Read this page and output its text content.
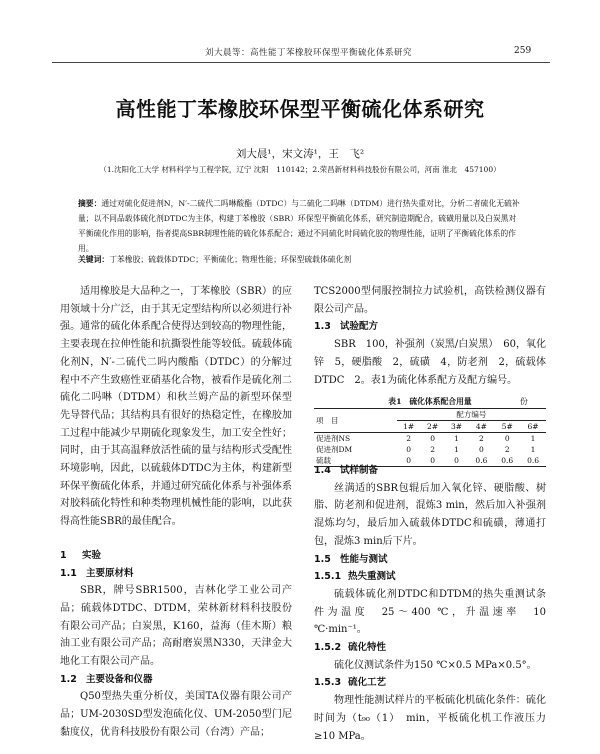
刘大晨等：高性能丁苯橡胶环保型平衡硫化体系研究	259
高性能丁苯橡胶环保型平衡硫化体系研究
刘大晨¹，宋文涛¹，王　飞²
（1.沈阳化工大学 材料科学与工程学院，辽宁 沈阳　110142；2.荣昌新材料科技股份有限公司，河南 淮北　457100）
摘要：通过对硫化促进剂N，N′-二硫代二吗啉酸酯（DTDC）与二硫化二吗啉（DTDM）进行热失重对比，分析二者硫化无硫补量；以不同品载体硫化剂DTDC为主体，构建丁苯橡胶（SBR）环保型平衡硫化体系，研究制造期配合，硫磺用量以及白炭黑对平衡硫化作用的影响，指者提高SBR制理性能的硫化体系配合；通过不同硫化时间硫化胶的物理性能，证明了平衡硫化体系的作用。
关键词：丁苯橡胶；硫载体DTDC；平衡硫化；物理性能；环保型硫载体硫化剂

适用橡胶是大品种之一，丁苯橡胶（SBR）的应用领域十分广泛，由于其无定型结构所以必须进行补强。通常的硫化体系配合使得达到较高的物理性能，主要表现在拉伸性能和抗撕裂性能等较低。硫载体硫化剂N，N′-二硫代二吗内酸酯（DTDC）的分解过程中不产生致癌性亚硝基化合物，被看作是硫化剂二硫化二吗啉（DTDM）和秋兰姆产品的新型环保型先导替代品；其结构具有很好的热稳定性，在橡胶加工过程中能减少早期硫化现象发生，加工安全性好；同时，由于其高温释放活性硫的量与结构形式受配性环境影响，因此，以硫载体DTDC为主体，构建新型环保平衡硫化体系，并通过研究硫化体系与补强体系对胶料硫化特性和种类物理机械性能的影响，以此获得高性能SBR的最佳配合。

1 实验

1.1 主要原材料

SBR，牌号SBR1500，吉林化学工业公司产品；硫载体DTDC、DTDM，荣林新材料科技股份有限公司产品；白炭黑，K160，益海（佳木斯）粮油工业有限公司产品；高耐磨炭黑N330，天津金大地化工有限公司产品。

1.2 主要设备和仪器

Q50型热失重分析仪，美国TA仪器有限公司产品；UM-2030SD型发泡硫化仪、UM-2050型门尼黏度仪，优肯科技股份有限公司（台湾）产品；

TCS2000型伺服控制拉力试验机，高铁检测仪器有限公司产品。

1.3 试验配方

SBR　100，补强剂（炭黑/白炭黑）　60，氧化锌　5，硬脂酸　2，硫磺　4，防老剂　2，硫载体DTDC　2。表1为硫化体系配方及配方编号。

表1　硫化体系配合用量	份
项　目	配方编号					
	1#	2#	3#	4#	5#	6#
促进剂NS	2	0	1	2	0	1
促进剂DM	0	2	1	0	2	1
硫载	0	0	0	0.6	0.6	0.6

1.4 试样制备

丝满适的SBR包辊后加入氧化锌、硬脂酸、树脂、防老剂和促进剂，混炼3 min，然后加入补强剂混炼均匀，最后加入硫载体DTDC和硫磺，薄通打包，混炼3 min后下片。

1.5 性能与测试

1.5.1 热失重测试

硫载体硫化剂DTDC和DTDM的热失重测试条件为温度　25～400 ℃，升温速率　10 ℃·min⁻¹。

1.5.2 硫化特性

硫化仪测试条件为150 ℃×0.5 MPa×0.5°。

1.5.3 硫化工艺

物理性能测试样片的平板硫化机硫化条件：硫化时间为（t₉₀（1）　min，平板硫化机工作液压力≥10 MPa。
